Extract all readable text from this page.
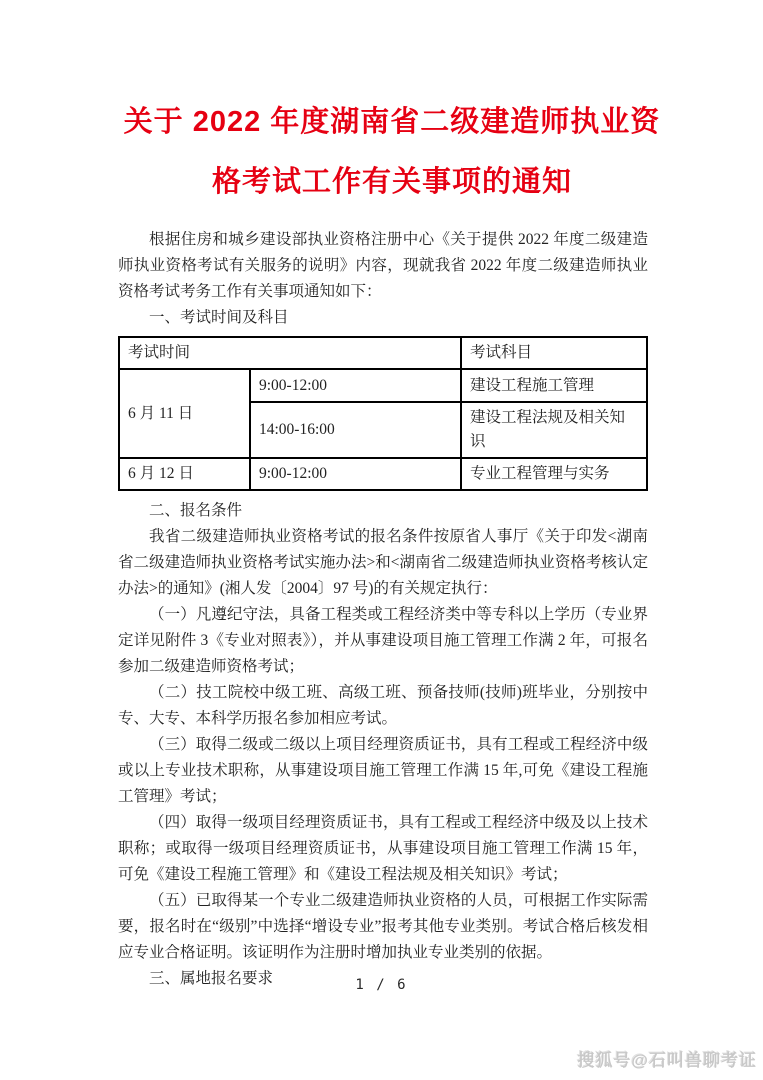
关于 2022 年度湖南省二级建造师执业资格考试工作有关事项的通知

根据住房和城乡建设部执业资格注册中心《关于提供 2022 年度二级建造师执业资格考试有关服务的说明》内容，现就我省 2022 年度二级建造师执业资格考试考务工作有关事项通知如下：

一、考试时间及科目

考试时间		考试科目
6 月 11 日	9:00-12:00	建设工程施工管理
	14:00-16:00	建设工程法规及相关知识
6 月 12 日	9:00-12:00	专业工程管理与实务

二、报名条件

我省二级建造师执业资格考试的报名条件按原省人事厅《关于印发<湖南省二级建造师执业资格考试实施办法>和<湖南省二级建造师执业资格考核认定办法>的通知》(湘人发〔2004〕97 号)的有关规定执行：

（一）凡遵纪守法，具备工程类或工程经济类中等专科以上学历（专业界定详见附件 3《专业对照表》），并从事建设项目施工管理工作满 2 年，可报名参加二级建造师资格考试；

（二）技工院校中级工班、高级工班、预备技师(技师)班毕业，分别按中专、大专、本科学历报名参加相应考试。

（三）取得二级或二级以上项目经理资质证书，具有工程或工程经济中级或以上专业技术职称，从事建设项目施工管理工作满 15 年,可免《建设工程施工管理》考试；

（四）取得一级项目经理资质证书，具有工程或工程经济中级及以上技术职称；或取得一级项目经理资质证书，从事建设项目施工管理工作满 15 年，可免《建设工程施工管理》和《建设工程法规及相关知识》考试；

（五）已取得某一个专业二级建造师执业资格的人员，可根据工作实际需要，报名时在“级别”中选择“增设专业”报考其他专业类别。考试合格后核发相应专业合格证明。该证明作为注册时增加执业专业类别的依据。

三、属地报名要求	1 / 6
搜狐号@石叫兽聊考证
